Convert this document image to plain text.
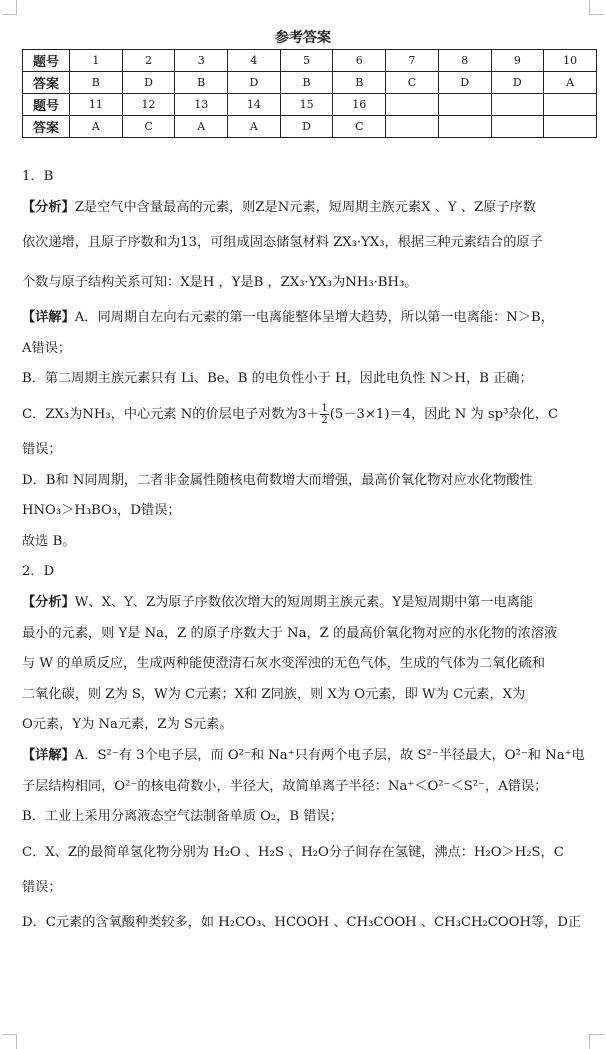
参考答案
题号	1	2	3	4	5	6	7	8	9	10
答案	B	D	B	D	B	B	C	D	D	A
题号	11	12	13	14	15	16				
答案	A	C	A	A	D	C				
1．B
【分析】Z是空气中含量最高的元素，则Z是N元素，短周期主族元素X 、Y 、Z原子序数
依次递增，且原子序数和为13，可组成固态储氢材料 ZX₃·YX₃，根据三种元素结合的原子
个数与原子结构关系可知：X是H ，Y是B ，ZX₃·YX₃为NH₃·BH₃。
【详解】A．同周期自左向右元素的第一电离能整体呈增大趋势，所以第一电离能：N＞B，
A错误；
B．第二周期主族元素只有 Li、Be、B 的电负性小于 H，因此电负性 N＞H，B 正确；
C．ZX₃为NH₃，中心元素 N的价层电子对数为$3+ \frac{1}{2} (5-3\times 1)=4$，因此 N 为 sp³杂化，C
错误；
D．B和 N同周期，二者非金属性随核电荷数增大而增强，最高价氧化物对应水化物酸性
HNO₃＞H₃BO₃，D错误；
故选 B。
2．D
【分析】W、X、Y、Z为原子序数依次增大的短周期主族元素。Y是短周期中第一电离能
最小的元素，则 Y是 Na，Z 的原子序数大于 Na，Z 的最高价氧化物对应的水化物的浓溶液
与 W 的单质反应，生成两种能使澄清石灰水变浑浊的无色气体，生成的气体为二氧化硫和
二氧化碳，则 Z为 S，W为 C元素；X和 Z同族，则 X为 O元素，即 W为 C元素，X为
O元素，Y为 Na元素，Z为 S元素。
【详解】A．S²⁻有 3个电子层，而 O²⁻和 Na⁺只有两个电子层，故 S²⁻半径最大，O²⁻和 Na⁺电
子层结构相同，O²⁻的核电荷数小，半径大，故简单离子半径：Na⁺＜O²⁻＜S²⁻，A错误；
B．工业上采用分离液态空气法制备单质 O₂，B 错误；
C．X、Z的最简单氢化物分别为 H₂O 、H₂S 、H₂O分子间存在氢键，沸点：H₂O＞H₂S，C
错误；
D．C元素的含氧酸种类较多，如 H₂CO₃、HCOOH 、CH₃COOH 、CH₃CH₂COOH等，D正
